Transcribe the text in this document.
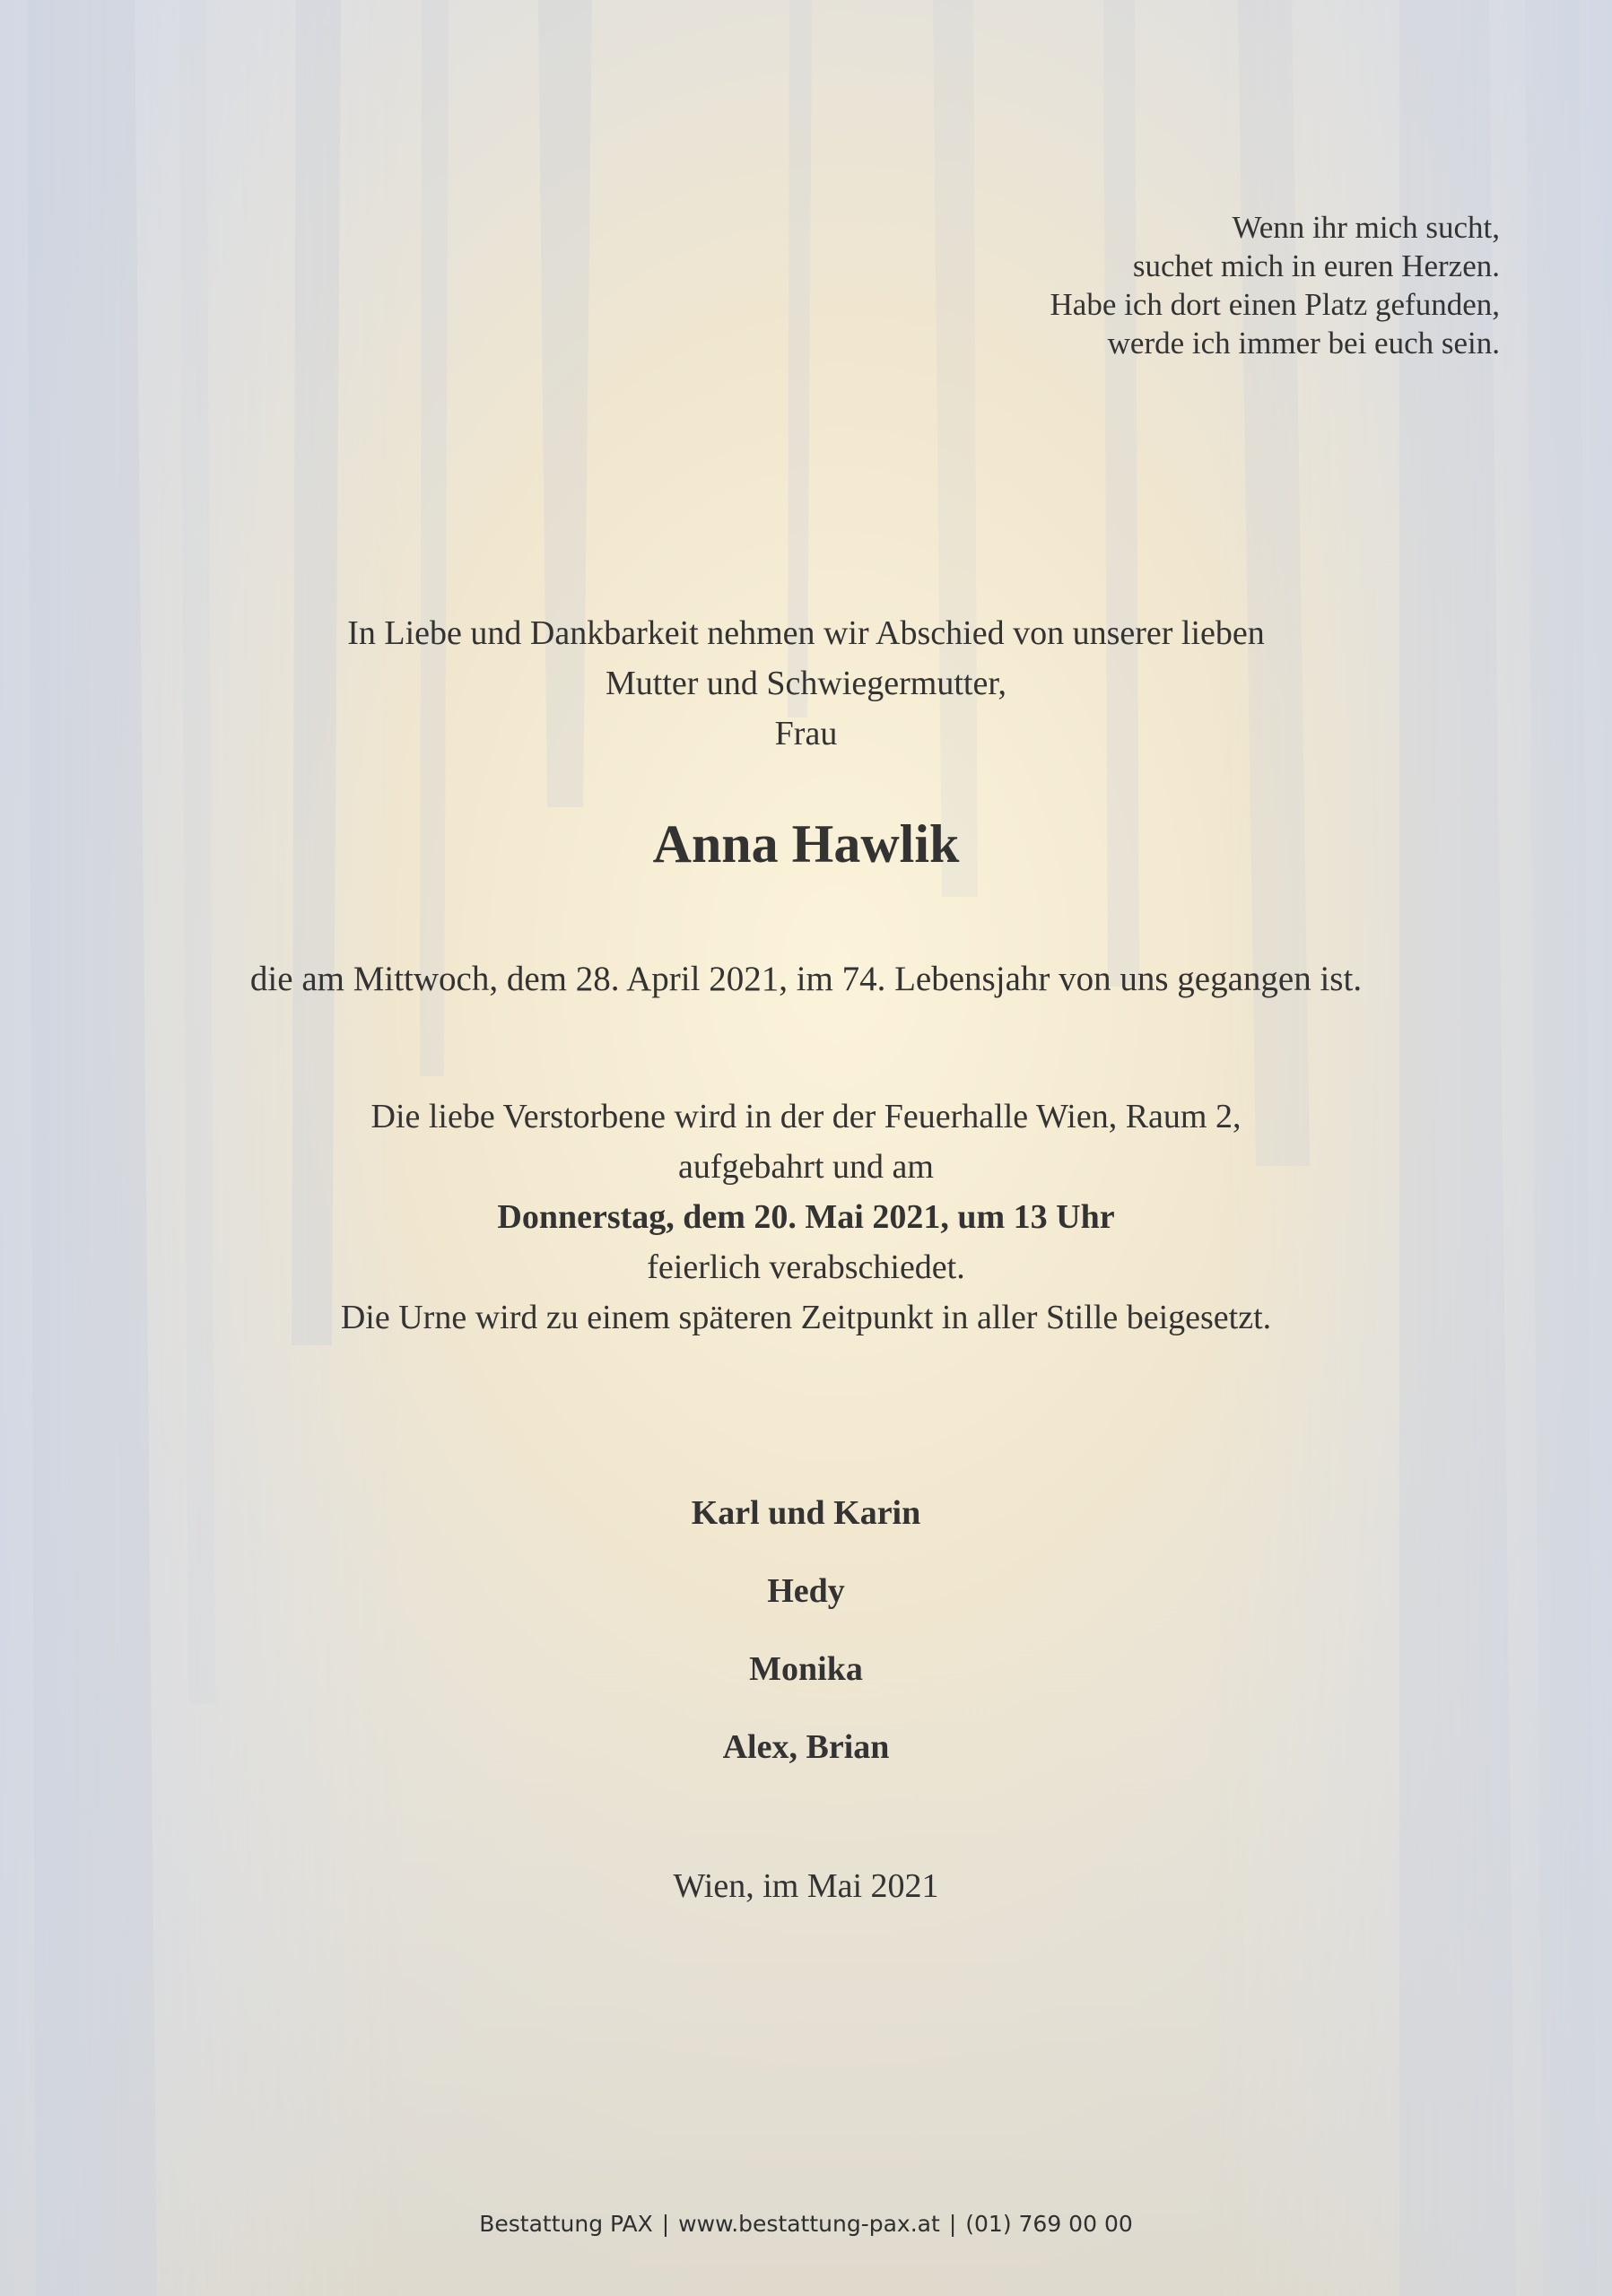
Wenn ihr mich sucht,
suchet mich in euren Herzen.
Habe ich dort einen Platz gefunden,
werde ich immer bei euch sein.
In Liebe und Dankbarkeit nehmen wir Abschied von unserer lieben
Mutter und Schwiegermutter,
Frau
Anna Hawlik
die am Mittwoch, dem 28. April 2021, im 74. Lebensjahr von uns gegangen ist.
Die liebe Verstorbene wird in der der Feuerhalle Wien, Raum 2,
aufgebahrt und am
Donnerstag, dem 20. Mai 2021, um 13 Uhr
feierlich verabschiedet.
Die Urne wird zu einem späteren Zeitpunkt in aller Stille beigesetzt.
Karl und Karin
Hedy
Monika
Alex, Brian
Wien, im Mai 2021
Bestattung PAX | www.bestattung-pax.at | (01) 769 00 00
